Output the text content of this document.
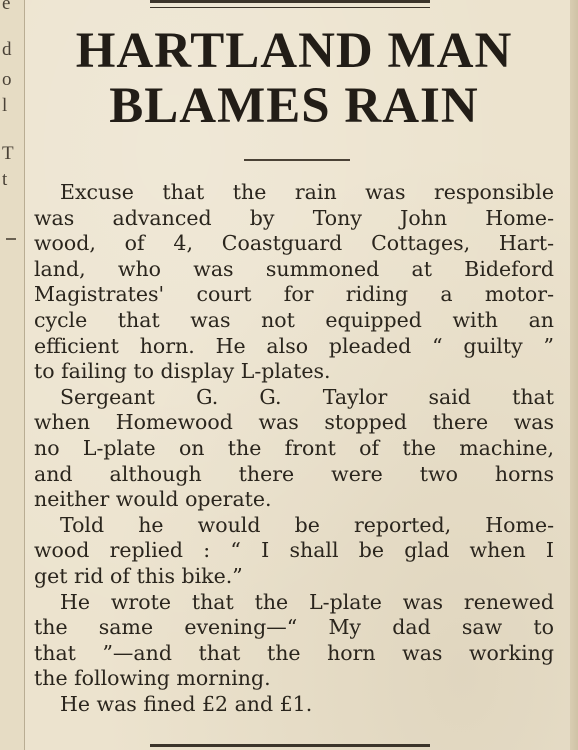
e
d
o
l
T
t
HARTLAND MAN
BLAMES RAIN
Excuse that the rain was responsible
was advanced by Tony John Home-
wood, of 4, Coastguard Cottages, Hart-
land, who was summoned at Bideford
Magistrates' court for riding a motor-
cycle that was not equipped with an
efficient horn. He also pleaded “ guilty ”
to failing to display L-plates.
Sergeant G. G. Taylor said that
when Homewood was stopped there was
no L-plate on the front of the machine,
and although there were two horns
neither would operate.
Told he would be reported, Home-
wood replied : “ I shall be glad when I
get rid of this bike.”
He wrote that the L-plate was renewed
the same evening—“ My dad saw to
that ”—and that the horn was working
the following morning.
He was fined £2 and £1.
